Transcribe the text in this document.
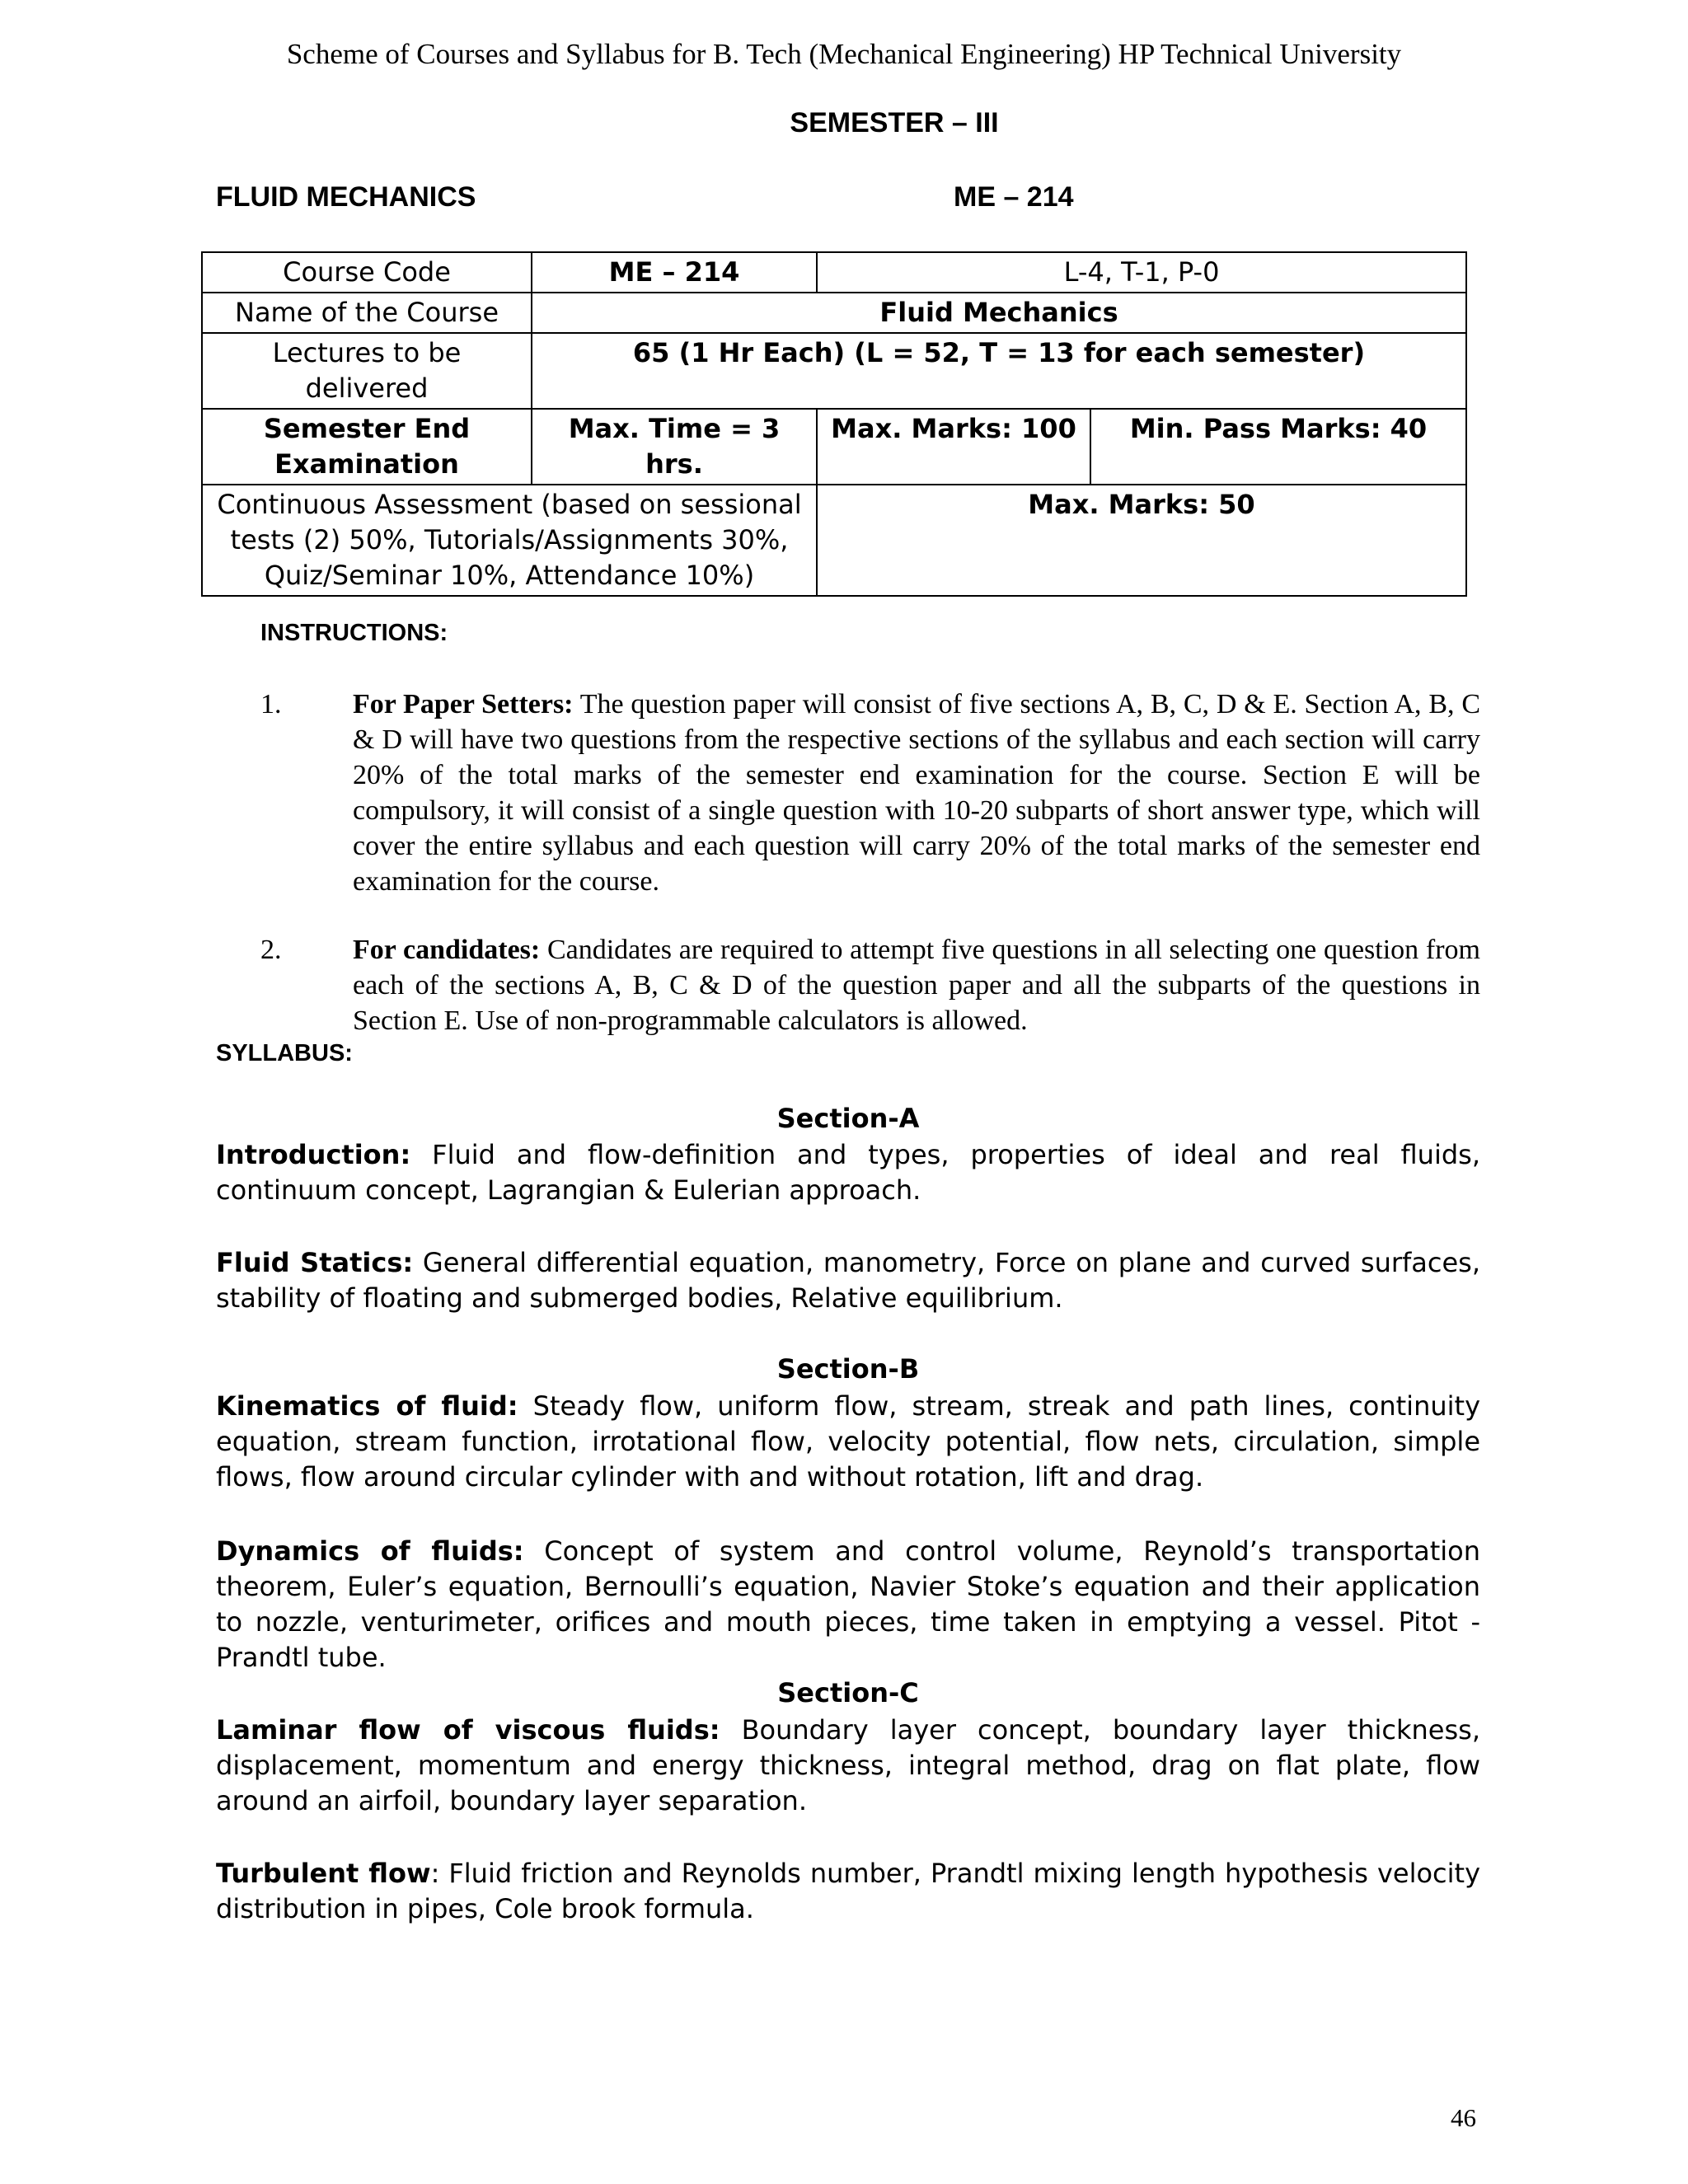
Scheme of Courses and Syllabus for B. Tech (Mechanical Engineering) HP Technical University
SEMESTER – III
FLUID MECHANICS	ME – 214
Course Code	ME – 214	L-4, T-1, P-0	
Name of the Course	Fluid Mechanics		
Lectures to be delivered	65 (1 Hr Each) (L = 52, T = 13 for each semester)		
Semester End Examination	Max. Time = 3 hrs.	Max. Marks: 100	Min. Pass Marks: 40
Continuous Assessment (based on sessional tests (2) 50%, Tutorials/Assignments 30%, Quiz/Seminar 10%, Attendance 10%)		Max. Marks: 50	
INSTRUCTIONS:
1.	For Paper Setters: The question paper will consist of five sections A, B, C, D & E. Section A, B, C & D will have two questions from the respective sections of the syllabus and each section will carry 20% of the total marks of the semester end examination for the course. Section E will be compulsory, it will consist of a single question with 10-20 subparts of short answer type, which will cover the entire syllabus and each question will carry 20% of the total marks of the semester end examination for the course.
2.	For candidates: Candidates are required to attempt five questions in all selecting one question from each of the sections A, B, C & D of the question paper and all the subparts of the questions in Section E. Use of non-programmable calculators is allowed.
SYLLABUS:
Section-A
Introduction: Fluid and flow-definition and types, properties of ideal and real fluids, continuum concept, Lagrangian & Eulerian approach.
Fluid Statics: General differential equation, manometry, Force on plane and curved surfaces, stability of floating and submerged bodies, Relative equilibrium.
Section-B
Kinematics of fluid: Steady flow, uniform flow, stream, streak and path lines, continuity equation, stream function, irrotational flow, velocity potential, flow nets, circulation, simple flows, flow around circular cylinder with and without rotation, lift and drag.
Dynamics of fluids: Concept of system and control volume, Reynold’s transportation theorem, Euler’s equation, Bernoulli’s equation, Navier Stoke’s equation and their application to nozzle, venturimeter, orifices and mouth pieces, time taken in emptying a vessel. Pitot - Prandtl tube.
Section-C
Laminar flow of viscous fluids: Boundary layer concept, boundary layer thickness, displacement, momentum and energy thickness, integral method, drag on flat plate, flow around an airfoil, boundary layer separation.
Turbulent flow: Fluid friction and Reynolds number, Prandtl mixing length hypothesis velocity distribution in pipes, Cole brook formula.
46
